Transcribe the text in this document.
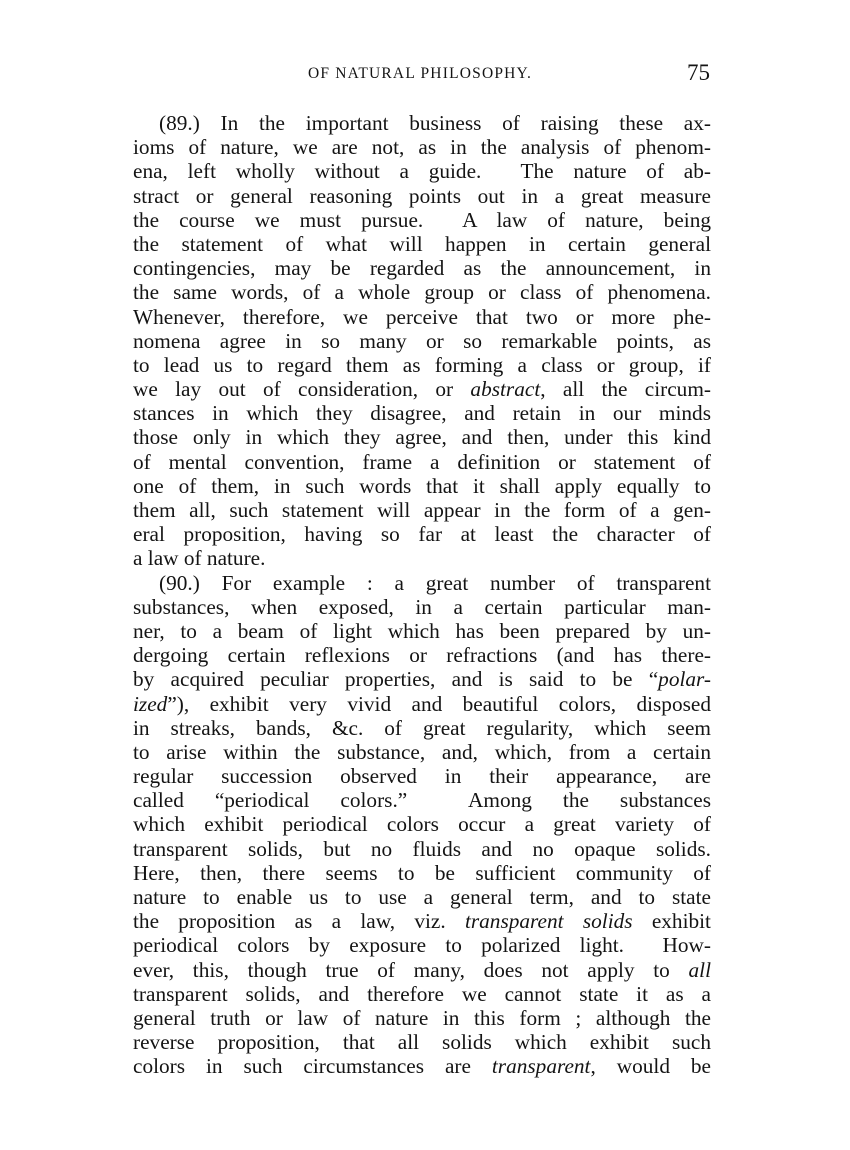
OF NATURAL PHILOSOPHY.	75
(89.) In the important business of raising these ax-
ioms of nature, we are not, as in the analysis of phenom-
ena, left wholly without a guide.  The nature of ab-
stract or general reasoning points out in a great measure
the course we must pursue.  A law of nature, being
the statement of what will happen in certain general
contingencies, may be regarded as the announcement, in
the same words, of a whole group or class of phenomena.
Whenever, therefore, we perceive that two or more phe-
nomena agree in so many or so remarkable points, as
to lead us to regard them as forming a class or group, if
we lay out of consideration, or abstract, all the circum-
stances in which they disagree, and retain in our minds
those only in which they agree, and then, under this kind
of mental convention, frame a definition or statement of
one of them, in such words that it shall apply equally to
them all, such statement will appear in the form of a gen-
eral proposition, having so far at least the character of
a law of nature.
(90.) For example : a great number of transparent
substances, when exposed, in a certain particular man-
ner, to a beam of light which has been prepared by un-
dergoing certain reflexions or refractions (and has there-
by acquired peculiar properties, and is said to be “polar-
ized”), exhibit very vivid and beautiful colors, disposed
in streaks, bands, &c. of great regularity, which seem
to arise within the substance, and, which, from a certain
regular succession observed in their appearance, are
called “periodical colors.”  Among the substances
which exhibit periodical colors occur a great variety of
transparent solids, but no fluids and no opaque solids.
Here, then, there seems to be sufficient community of
nature to enable us to use a general term, and to state
the proposition as a law, viz. transparent solids exhibit
periodical colors by exposure to polarized light.  How-
ever, this, though true of many, does not apply to all
transparent solids, and therefore we cannot state it as a
general truth or law of nature in this form ; although the
reverse proposition, that all solids which exhibit such
colors in such circumstances are transparent, would be
